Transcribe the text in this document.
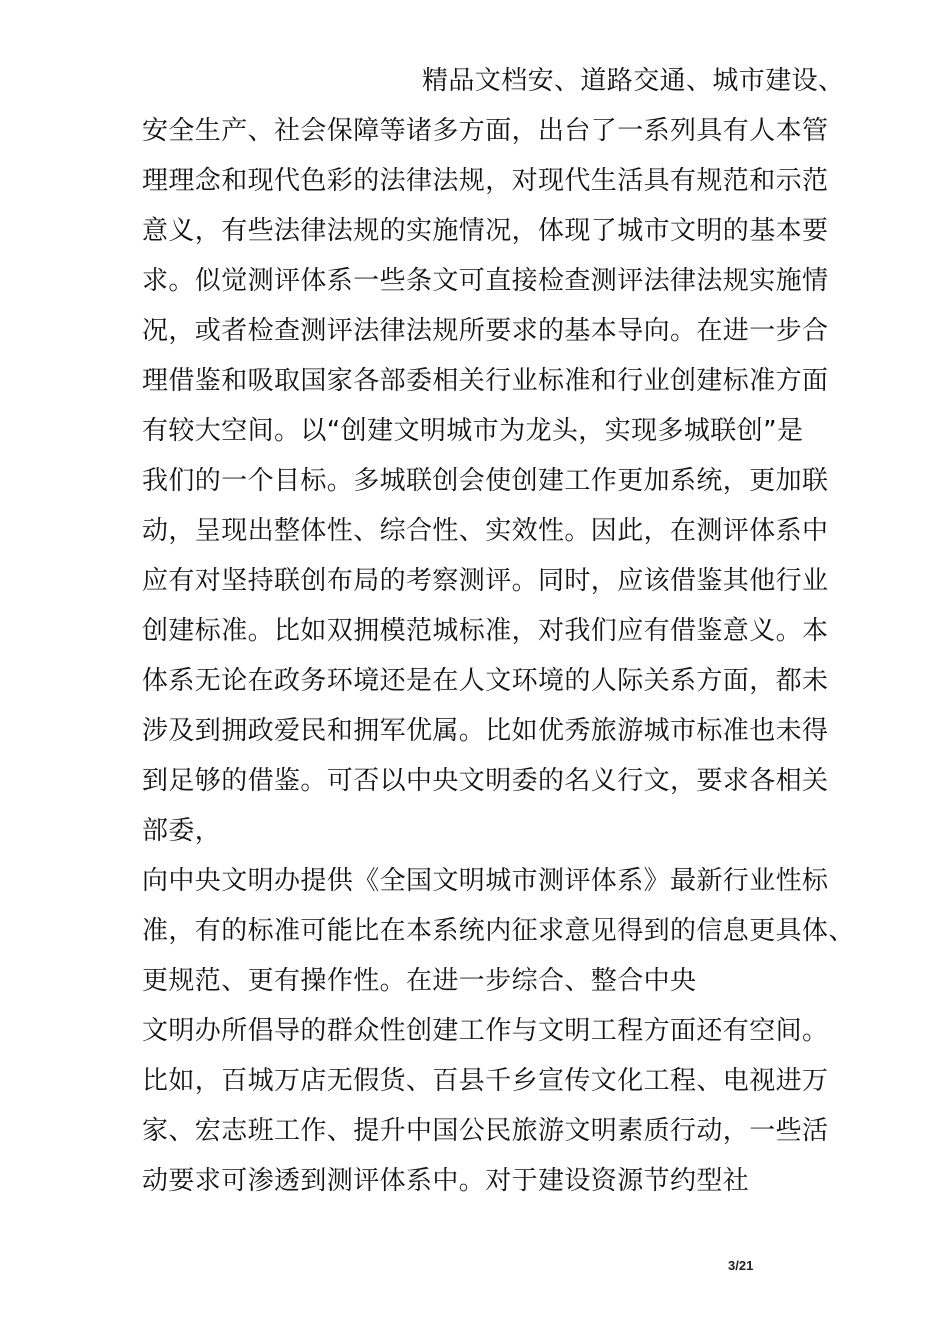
精品文档安、道路交通、城市建设、
安全生产、社会保障等诸多方面，出台了一系列具有人本管
理理念和现代色彩的法律法规，对现代生活具有规范和示范
意义，有些法律法规的实施情况，体现了城市文明的基本要
求。似觉测评体系一些条文可直接检查测评法律法规实施情
况，或者检查测评法律法规所要求的基本导向。在进一步合
理借鉴和吸取国家各部委相关行业标准和行业创建标准方面
有较大空间。以“创建文明城市为龙头，实现多城联创”是
我们的一个目标。多城联创会使创建工作更加系统，更加联
动，呈现出整体性、综合性、实效性。因此，在测评体系中
应有对坚持联创布局的考察测评。同时，应该借鉴其他行业
创建标准。比如双拥模范城标准，对我们应有借鉴意义。本
体系无论在政务环境还是在人文环境的人际关系方面，都未
涉及到拥政爱民和拥军优属。比如优秀旅游城市标准也未得
到足够的借鉴。可否以中央文明委的名义行文，要求各相关
部委，
向中央文明办提供《全国文明城市测评体系》最新行业性标
准，有的标准可能比在本系统内征求意见得到的信息更具体、
更规范、更有操作性。在进一步综合、整合中央
文明办所倡导的群众性创建工作与文明工程方面还有空间。
比如，百城万店无假货、百县千乡宣传文化工程、电视进万
家、宏志班工作、提升中国公民旅游文明素质行动，一些活
动要求可渗透到测评体系中。对于建设资源节约型社
3/21
